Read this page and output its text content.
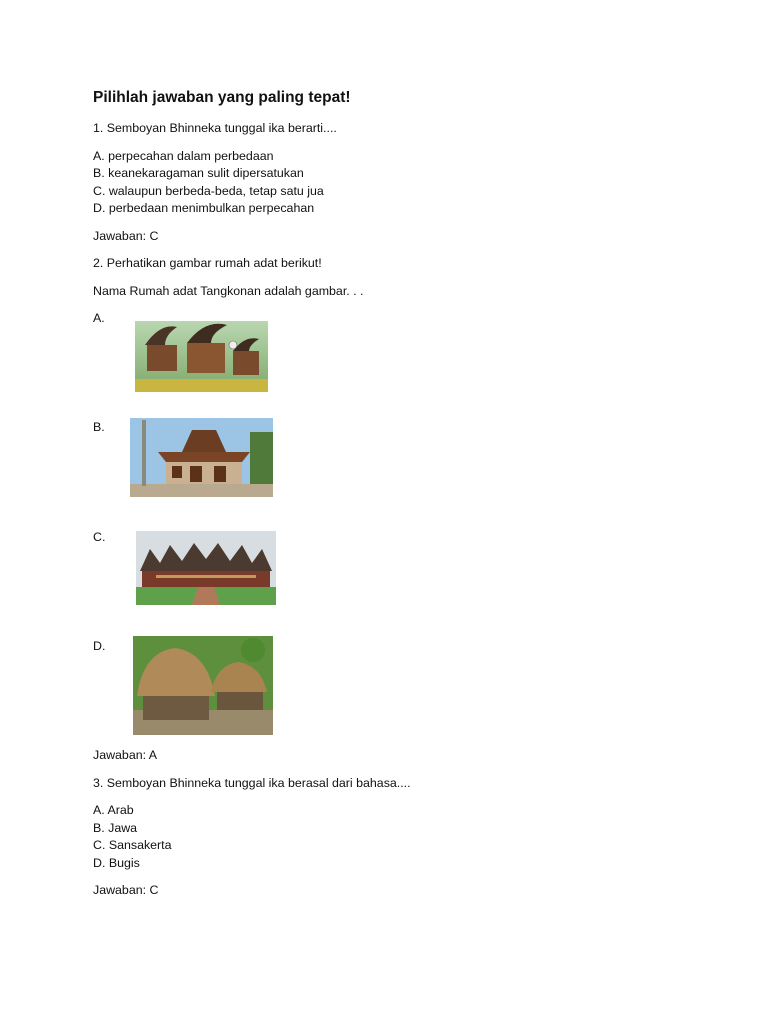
Pilihlah jawaban yang paling tepat!

1. Semboyan Bhinneka tunggal ika berarti....

A. perpecahan dalam perbedaan

B. keanekaragaman sulit dipersatukan

C. walaupun berbeda-beda, tetap satu jua

D. perbedaan menimbulkan perpecahan

Jawaban: C

2. Perhatikan gambar rumah adat berikut!

Nama Rumah adat Tangkonan adalah gambar. . .

A.
B.
C.
D.

Jawaban: A

3. Semboyan Bhinneka tunggal ika berasal dari bahasa....

A. Arab

B. Jawa

C. Sansakerta

D. Bugis

Jawaban: C
